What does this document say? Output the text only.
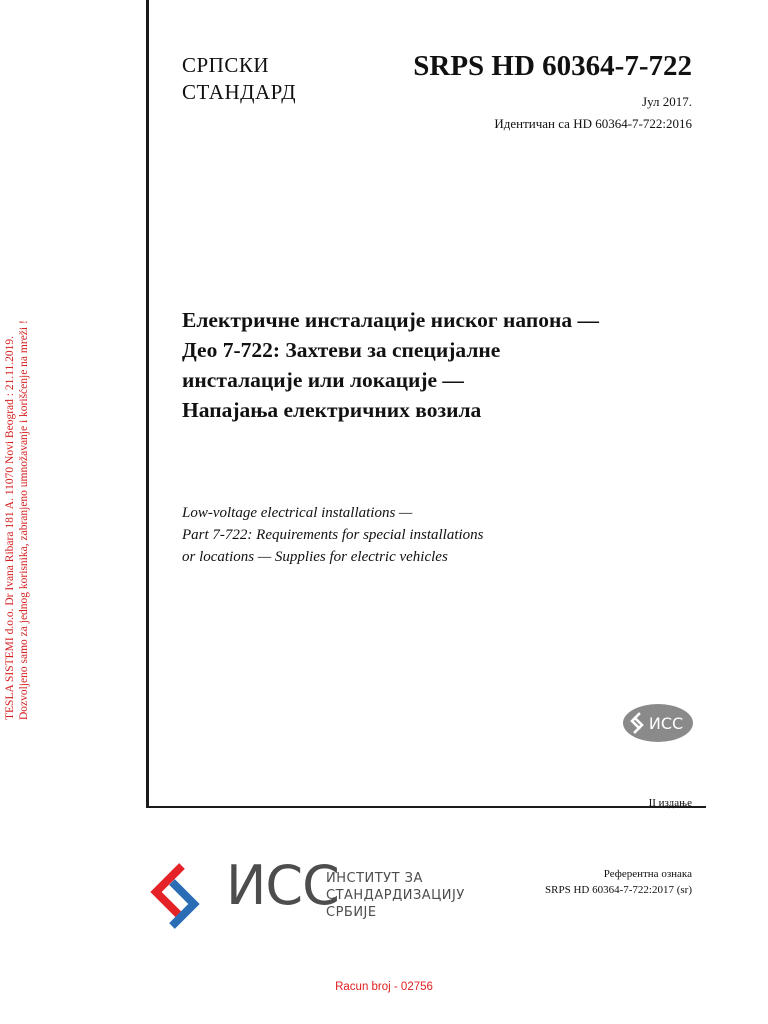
СРПСКИ
СТАНДАРД
SRPS HD 60364-7-722
Јул 2017.
Идентичан са HD 60364-7-722:2016
Електричне инсталације ниског напона —
Део 7-722: Захтеви за специјалне
инсталације или локације —
Напајања електричних возила
Low-voltage electrical installations —
Part 7-722: Requirements for special installations
or locations — Supplies for electric vehicles
ИСС
II издање
ИСС
ИНСТИТУТ ЗА
СТАНДАРДИЗАЦИЈУ
СРБИЈЕ
Референтна ознака
SRPS HD 60364-7-722:2017 (sr)
Racun broj - 02756
TESLA SISTEMI d.o.o. Dr Ivana Ribara 181 A. 11070 Novi Beograd : 21.11.2019. Dozvoljeno samo za jednog korisnika, zabranjeno umnožavanje i korišćenje na mreži !
